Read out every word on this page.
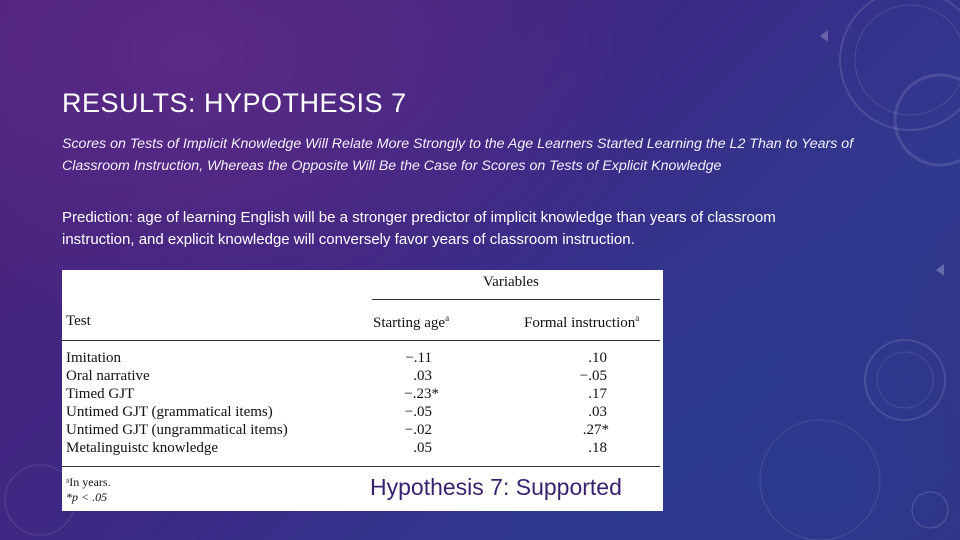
RESULTS: HYPOTHESIS 7
Scores on Tests of Implicit Knowledge Will Relate More Strongly to the Age Learners Started Learning the L2 Than to Years of Classroom Instruction, Whereas the Opposite Will Be the Case for Scores on Tests of Explicit Knowledge
Prediction: age of learning English will be a stronger predictor of implicit knowledge than years of classroom instruction, and explicit knowledge will conversely favor years of classroom instruction.
Variables
Test	Starting age$^a$	Formal instruction$^a$
Imitation	−.11	.10
Oral narrative	.03	−.05
Timed GJT	−.23*	.17
Untimed GJT (grammatical items)	−.05	.03
Untimed GJT (ungrammatical items)	−.02	.27*
Metalinguistc knowledge	.05	.18
ᵃIn years.
*p < .05	Hypothesis 7: Supported
